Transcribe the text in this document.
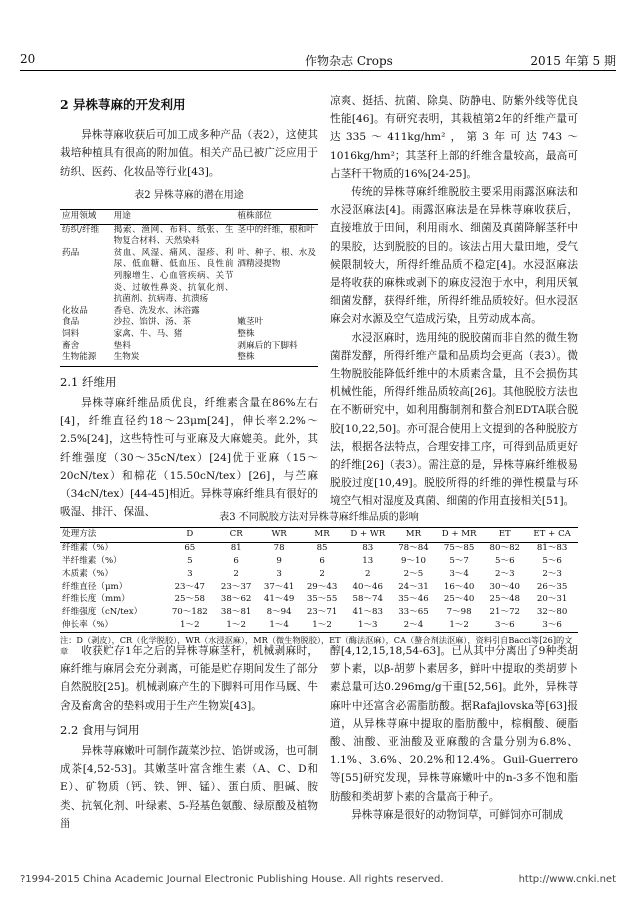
20	作物杂志 Crops	2015 年第 5 期
2 异株荨麻的开发利用

异株荨麻收获后可加工成多种产品（表2），这使其栽培种植具有很高的附加值。相关产品已被广泛应用于纺织、医药、化妆品等行业[43]。

表2 异株荨麻的潜在用途
应用领域	用途	植株部位
纺织/纤维	揭索、渔网、布料、纸张、生物复合材料、天然染料	茎中的纤维，根和叶
药品	贫血、风湿、痛风、湿疹、利尿、低血糖、低血压、良性前列腺增生、心血管疾病、关节炎、过敏性鼻炎、抗氧化剂、抗菌剂、抗病毒、抗溃疡	叶、种子、根、水及酒精浸提物
化妆品	香皂、洗发水、沐浴露	
食品	沙拉、馅饼、汤、茶	嫩茎叶
饲料	家禽、牛、马、猪	整株
畜舍	垫料	剥麻后的下脚料
生物能源	生物炭	整株
2.1 纤维用

异株荨麻纤维品质优良，纤维素含量在86%左右[4]，纤维直径约18～23μm[24]，伸长率2.2%～2.5%[24]，这些特性可与亚麻及大麻媲美。此外，其纤维强度（30～35cN/tex）[24]优于亚麻（15～20cN/tex）和棉花（15.50cN/tex）[26]，与苎麻（34cN/tex）[44-45]相近。异株荨麻纤维具有很好的吸湿、排汗、保温、

凉爽、挺括、抗菌、除臭、防静电、防紫外线等优良性能[46]。有研究表明，其栽植第2年的纤维产量可达335～411kg/hm²，第3年可达743～1016kg/hm²；其茎秆上部的纤维含量较高，最高可占茎秆干物质的16%[24-25]。

传统的异株荨麻纤维脱胶主要采用雨露沤麻法和水浸沤麻法[4]。雨露沤麻法是在异株荨麻收获后，直接堆放于田间，利用雨水、细菌及真菌降解茎秆中的果胶，达到脱胶的目的。该法占用大量田地，受气候限制较大，所得纤维品质不稳定[4]。水浸沤麻法是将收获的麻株或剥下的麻皮浸泡于水中，利用厌氧细菌发酵，获得纤维，所得纤维品质较好。但水浸沤麻会对水源及空气造成污染，且劳动成本高。

水浸沤麻时，选用纯的脱胶菌而非自然的微生物菌群发酵，所得纤维产量和品质均会更高（表3）。微生物脱胶能降低纤维中的木质素含量，且不会损伤其机械性能，所得纤维品质较高[26]。其他脱胶方法也在不断研究中，如利用酶制剂和螯合剂EDTA联合脱胶[10,22,50]。亦可混合使用上文提到的各种脱胶方法，根据各法特点，合理安排工序，可得到品质更好的纤维[26]（表3）。需注意的是，异株荨麻纤维极易脱胶过度[10,49]。脱胶所得的纤维的弹性模量与环境空气相对湿度及真菌、细菌的作用直接相关[51]。

表3 不同脱胶方法对异株荨麻纤维品质的影响
处理方法	D	CR	WR	MR	D + WR	MR	D + MR	ET	ET + CA
纤维素（%）	65	81	78	85	83	78～84	75～85	80～82	81～83
半纤维素（%）	5	6	9	6	13	9～10	5～7	5～6	5～6
木质素（%）	3	2	3	2	2	2～5	3～4	2～3	2～3
纤维直径（μm）	23～47	23～37	37～41	29～43	40～46	24～31	16～40	30～40	26～35
纤维长度（mm）	25～58	38～62	41～49	35～55	58～74	35～46	25～40	25～48	20～31
纤维强度（cN/tex）	70～182	38～81	8～94	23～71	41～83	33～65	7～98	21～72	32～80
伸长率（%）	1～2	1～2	1～4	1～2	1～3	2～4	1～2	3～6	3～6
注：D（剥皮），CR（化学脱胶），WR（水浸沤麻），MR（微生物脱胶），ET（酶法沤麻），CA（螯合剂法沤麻），资料引自Bacci等[26]的文章	收获贮存1年之后的异株荨麻茎秆，机械剥麻时，麻纤维与麻屑会充分剥离，可能是贮存期间发生了部分自然脱胶[25]。机械剥麻产生的下脚料可用作马厩、牛舍及畜禽舍的垫料或用于生产生物炭[43]。

2.2 食用与饲用

异株荨麻嫩叶可制作蔬菜沙拉、馅饼或汤，也可制成茶[4,52-53]。其嫩茎叶富含维生素（A、C、D和E）、矿物质（钙、铁、钾、锰）、蛋白质、胆碱、胺类、抗氧化剂、叶绿素、5-羟基色氨酸、绿原酸及植物甾

醇[4,12,15,18,54-63]。已从其中分离出了9种类胡萝卜素，以β-胡萝卜素居多，鲜叶中提取的类胡萝卜素总量可达0.296mg/g干重[52,56]。此外，异株荨麻叶中还富含必需脂肪酸。据Rafajlovska等[63]报道，从异株荨麻中提取的脂肪酸中，棕榈酸、硬脂酸、油酸、亚油酸及亚麻酸的含量分别为6.8%、1.1%、3.6%、20.2%和12.4%。Guil-Guerrero等[55]研究发现，异株荨麻嫩叶中的n-3多不饱和脂肪酸和类胡萝卜素的含量高于种子。

异株荨麻是很好的动物饲草，可鲜饲亦可制成

?1994-2015 China Academic Journal Electronic Publishing House. All rights reserved.	http://www.cnki.net
